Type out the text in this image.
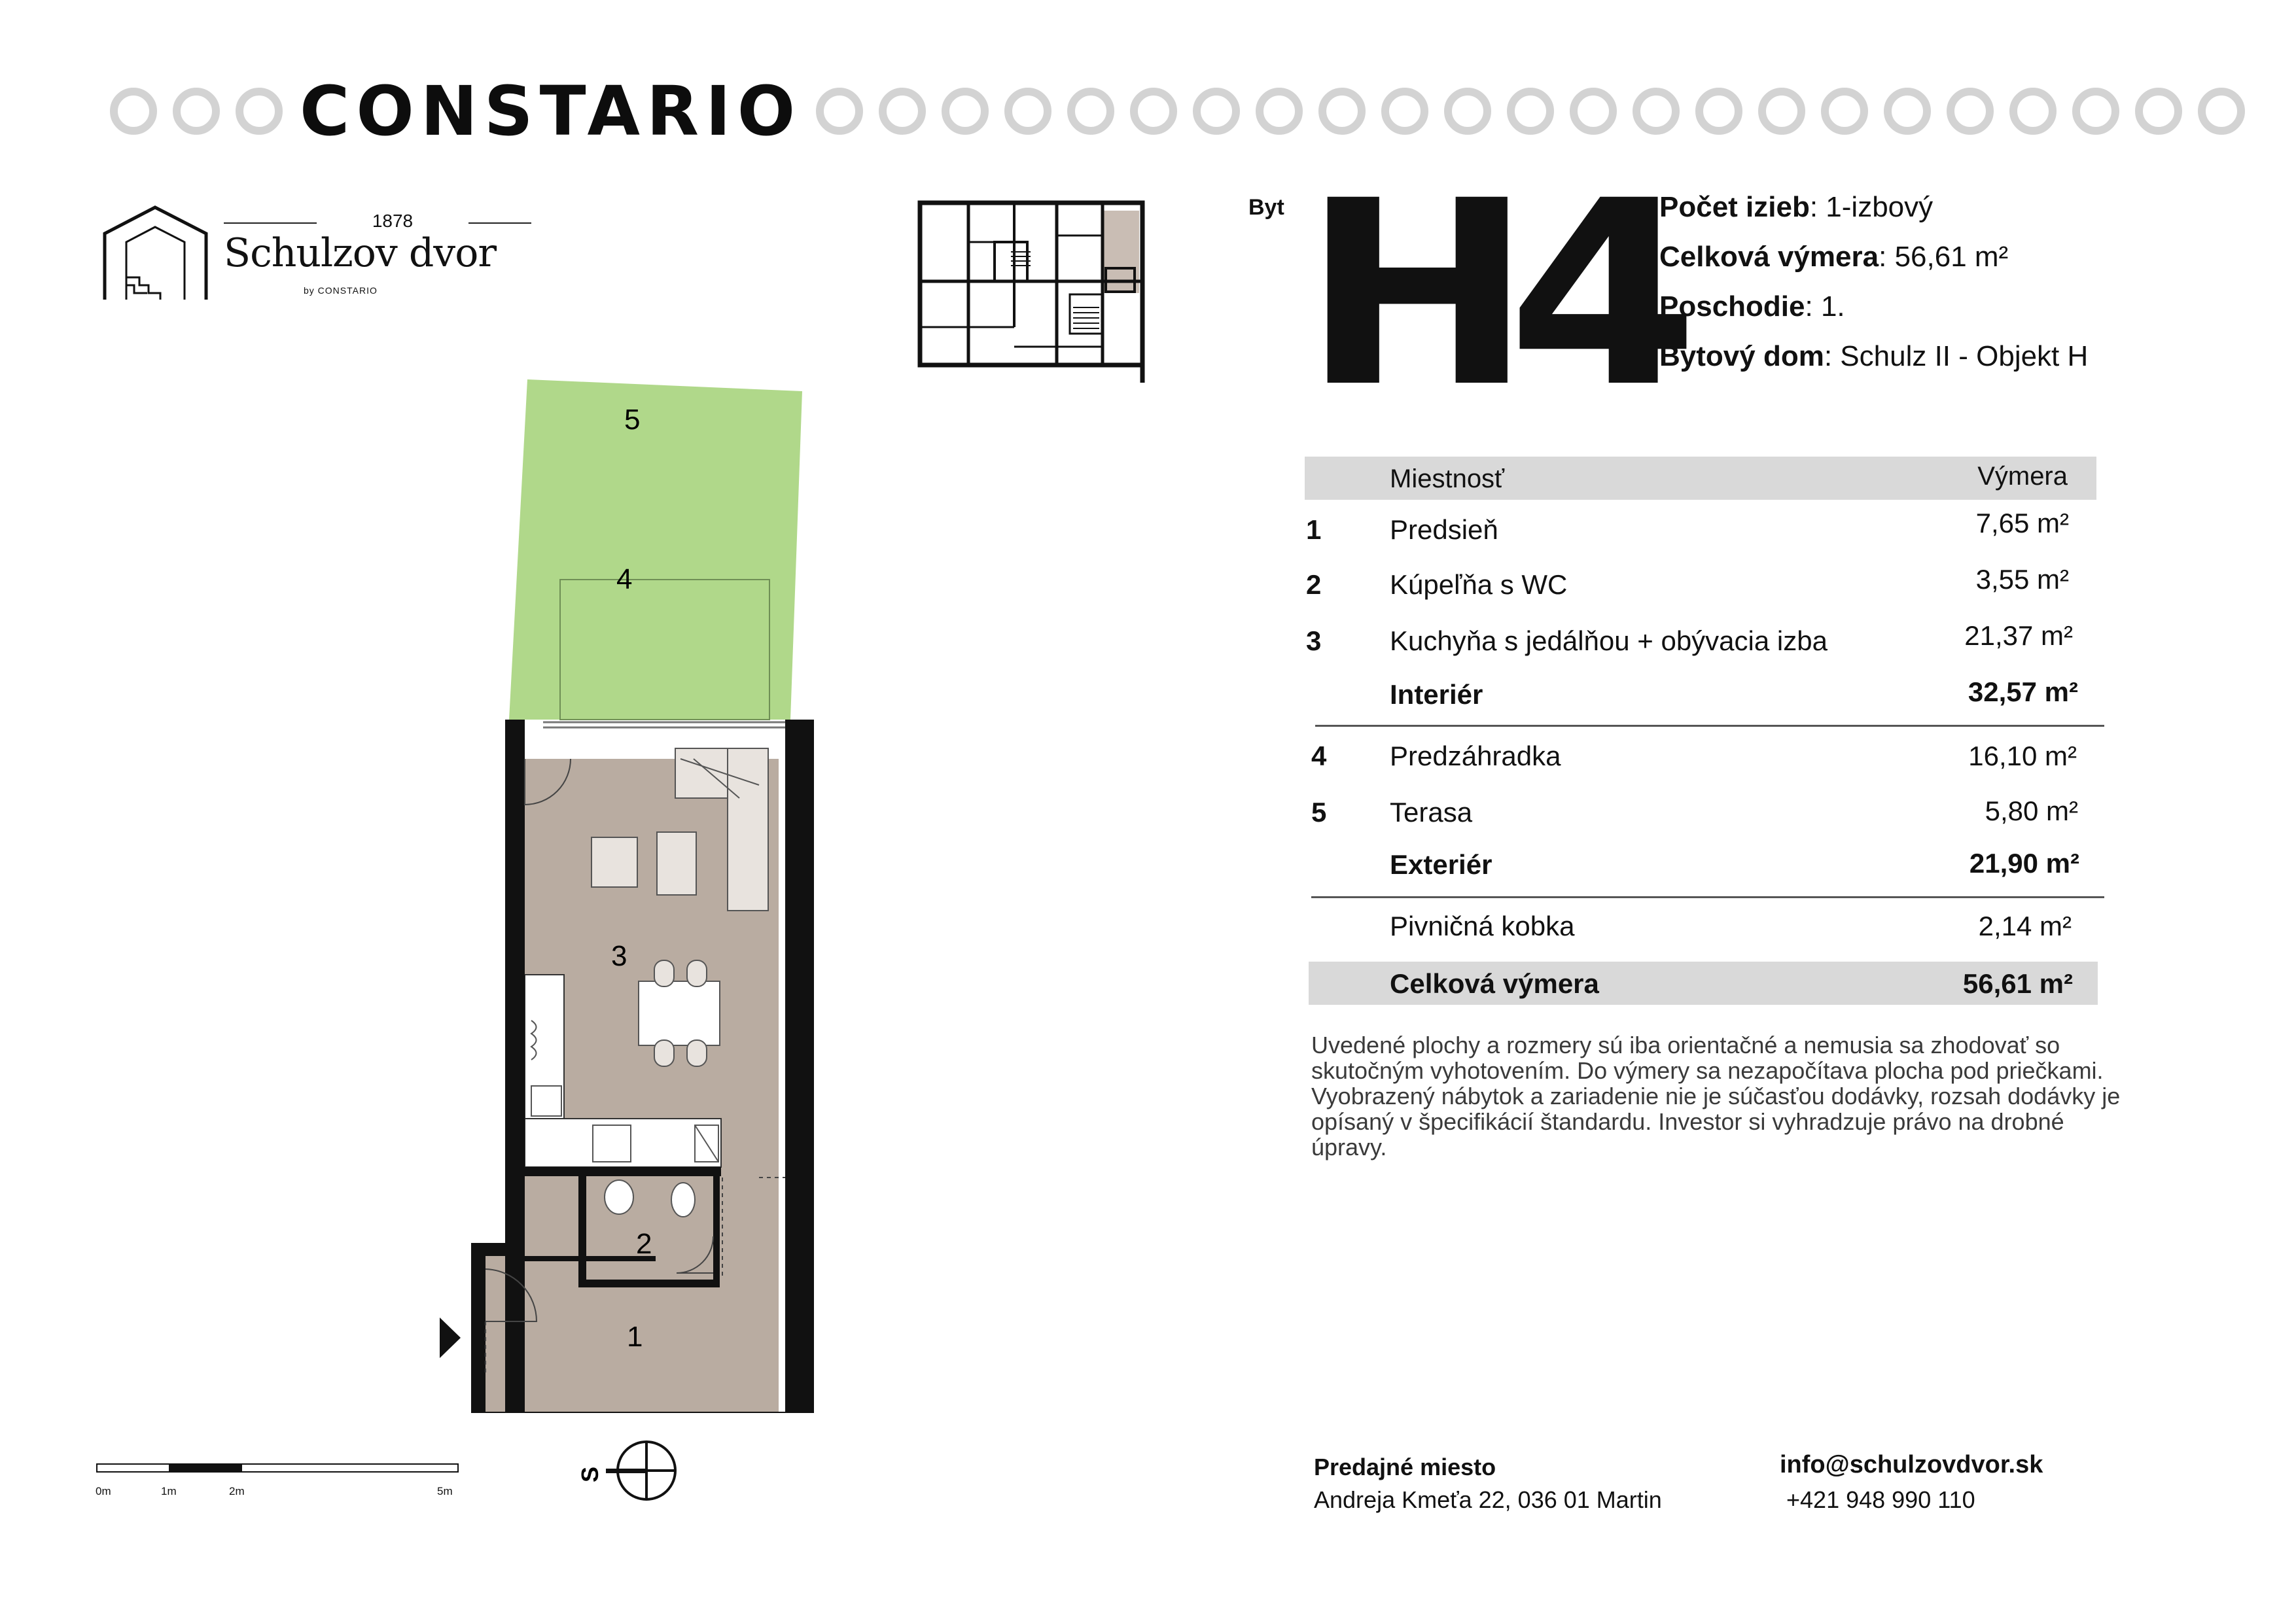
CONSTARIO
1878
Schulzov dvor
by CONSTARIO
Byt H4
Počet izieb: 1-izbový
Celková výmera: 56,61 m²
Poschodie: 1.
Bytový dom: Schulz II - Objekt H
Miestnosť	Výmera
1 Predsieň	7,65 m²
2 Kúpeľňa s WC	3,55 m²
3 Kuchyňa s jedálňou + obývacia izba	21,37 m²
Interiér	32,57 m²
4 Predzáhradka	16,10 m²
5 Terasa	5,80 m²
Exteriér	21,90 m²
Pivničná kobka	2,14 m²
Celková výmera	56,61 m²
Uvedené plochy a rozmery sú iba orientačné a nemusia sa zhodovať so skutočným vyhotovením. Do výmery sa nezapočítava plocha pod priečkami. Vyobrazený nábytok a zariadenie nie je súčasťou dodávky, rozsah dodávky je opísaný v špecifikácií štandardu. Investor si vyhradzuje právo na drobné úpravy.
5
4
3
2
1
S
0m	1m	2m	5m
Predajné miesto
Andreja Kmeťa 22, 036 01 Martin
info@schulzovdvor.sk
+421 948 990 110
